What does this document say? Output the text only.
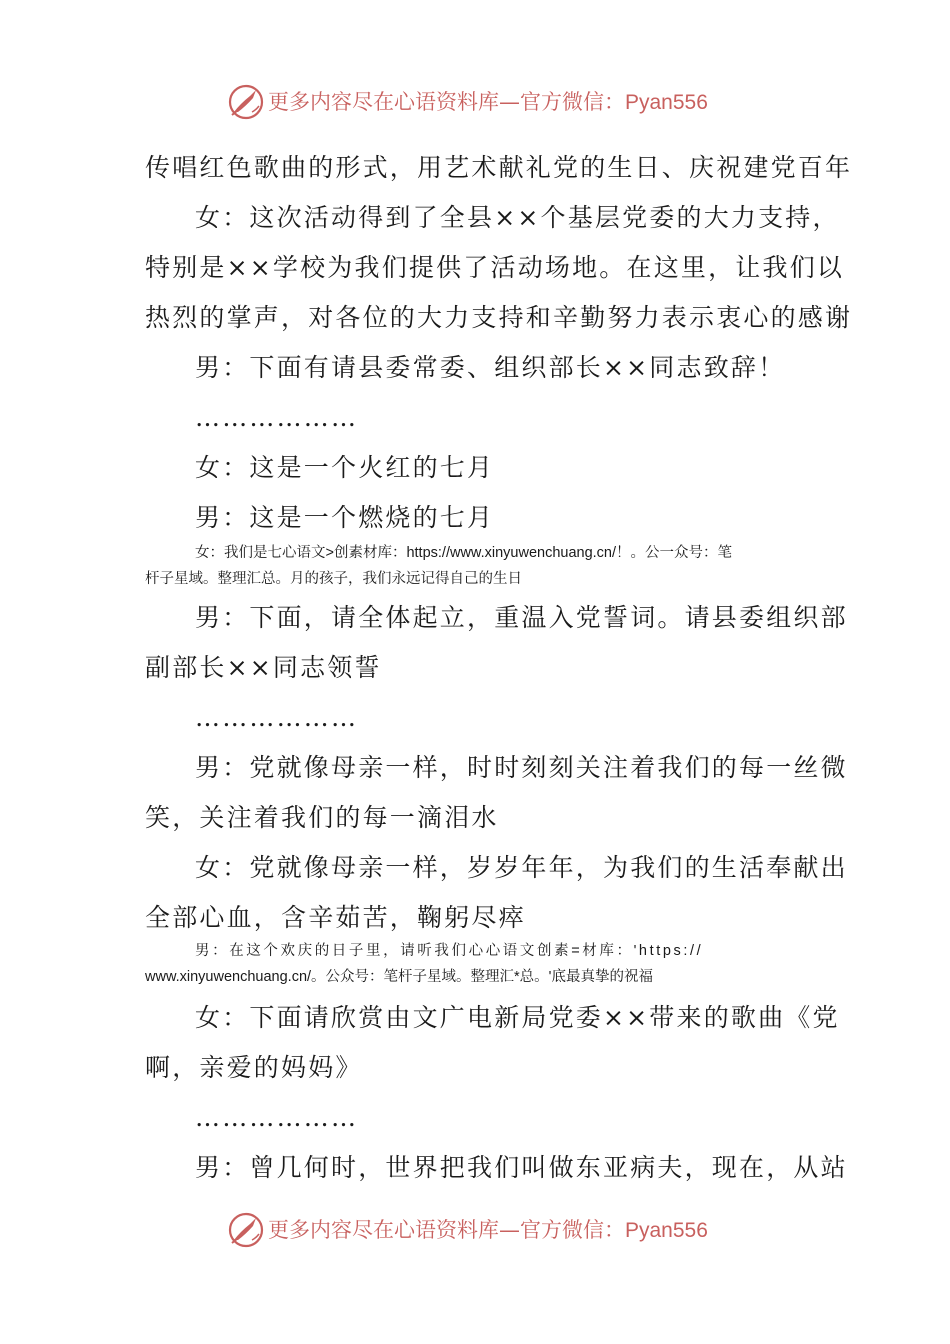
更多内容尽在心语资料库—官方微信：Pyan556
传唱红色歌曲的形式，用艺术献礼党的生日、庆祝建党百年
女：这次活动得到了全县××个基层党委的大力支持，
特别是××学校为我们提供了活动场地。在这里，让我们以
热烈的掌声，对各位的大力支持和辛勤努力表示衷心的感谢
男：下面有请县委常委、组织部长××同志致辞！
………………
女：这是一个火红的七月
男：这是一个燃烧的七月
女：我们是七心语文>创素材库：https://www.xinyuwenchuang.cn/！。公一众号：笔
杆子星域。整理汇总。月的孩子，我们永远记得自己的生日
男：下面，请全体起立，重温入党誓词。请县委组织部
副部长××同志领誓
………………
男：党就像母亲一样，时时刻刻关注着我们的每一丝微
笑，关注着我们的每一滴泪水
女：党就像母亲一样，岁岁年年，为我们的生活奉献出
全部心血，含辛茹苦，鞠躬尽瘁
男：在这个欢庆的日子里，请听我们心心语文创素=材库：'https://
www.xinyuwenchuang.cn/。公众号：笔杆子星域。整理汇*总。'底最真挚的祝福
女：下面请欣赏由文广电新局党委××带来的歌曲《党
啊，亲爱的妈妈》
………………
男：曾几何时，世界把我们叫做东亚病夫，现在，从站
更多内容尽在心语资料库—官方微信：Pyan556
